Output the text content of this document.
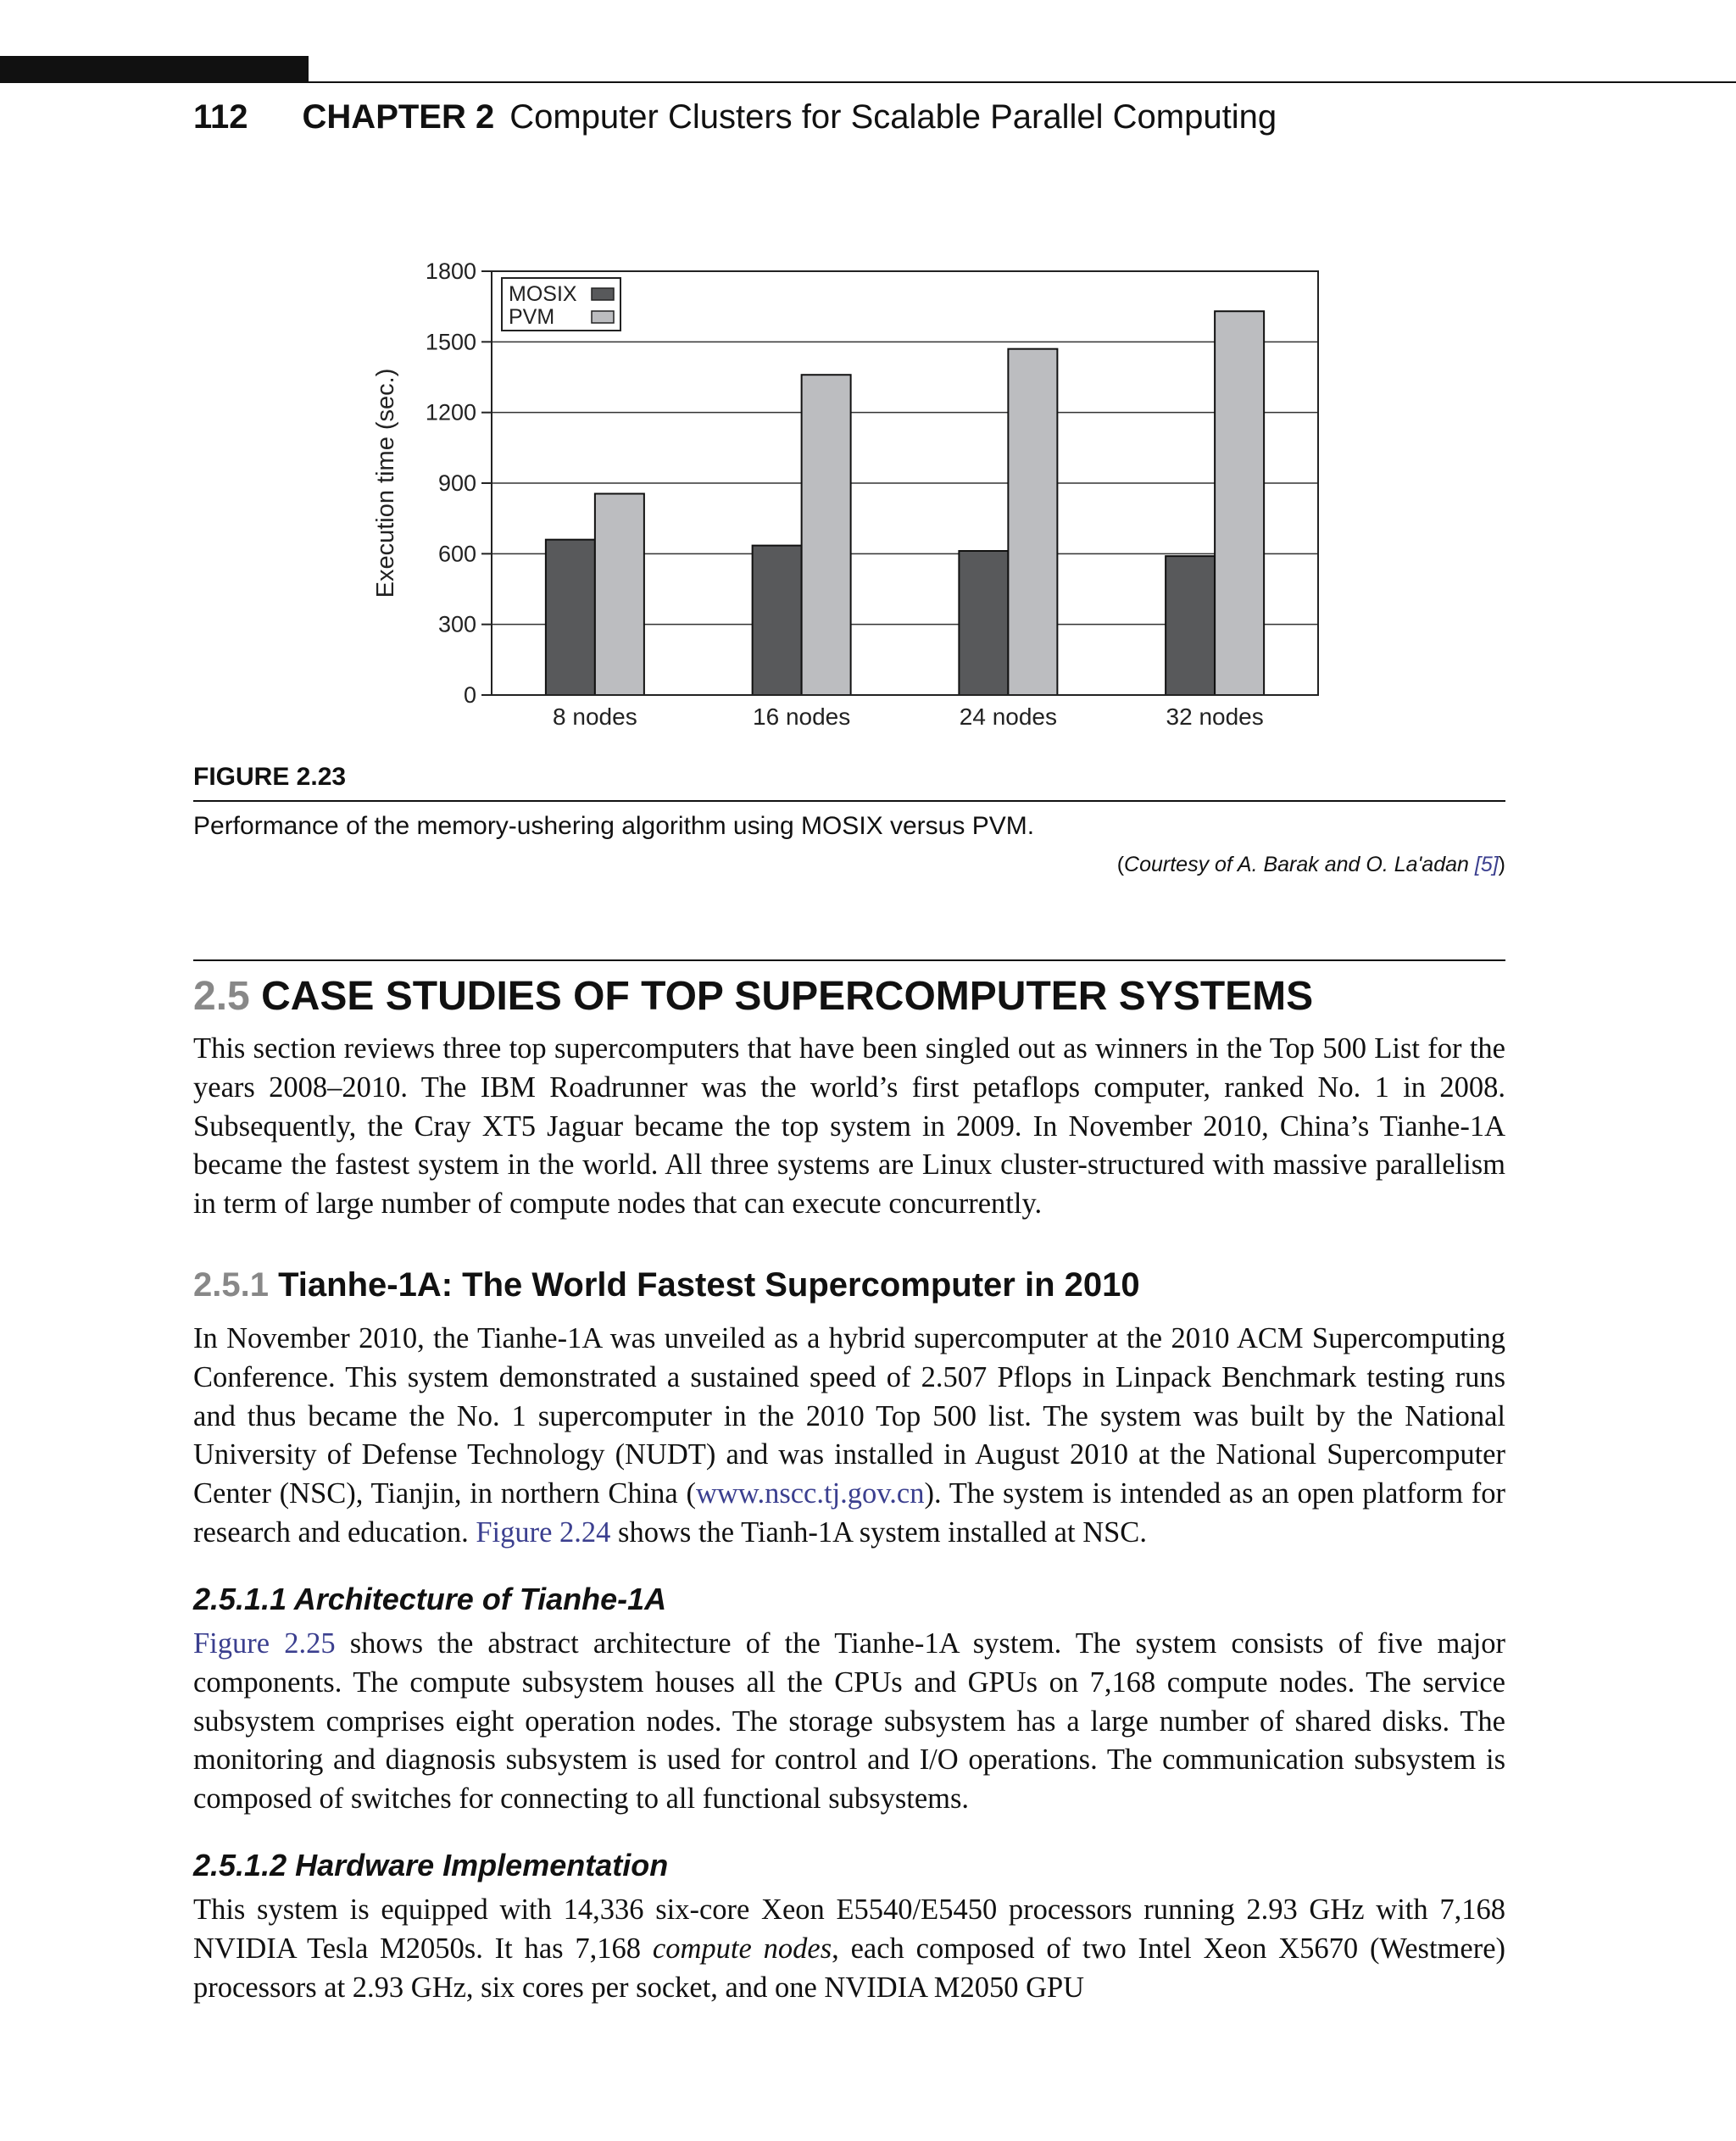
112 CHAPTER 2 Computer Clusters for Scalable Parallel Computing
0
300
600
900
1200
1500
1800
8 nodes	16 nodes	24 nodes	32 nodes
Execution time (sec.)
MOSIX
PVM
FIGURE 2.23
Performance of the memory-ushering algorithm using MOSIX versus PVM.
(Courtesy of A. Barak and O. La'adan [5])
2.5 CASE STUDIES OF TOP SUPERCOMPUTER SYSTEMS

This section reviews three top supercomputers that have been singled out as winners in the Top 500 List for the years 2008–2010. The IBM Roadrunner was the world’s first petaflops computer, ranked No. 1 in 2008. Subsequently, the Cray XT5 Jaguar became the top system in 2009. In November 2010, China’s Tianhe-1A became the fastest system in the world. All three systems are Linux cluster-structured with massive parallelism in term of large number of compute nodes that can execute concurrently.

2.5.1 Tianhe-1A: The World Fastest Supercomputer in 2010

In November 2010, the Tianhe-1A was unveiled as a hybrid supercomputer at the 2010 ACM Supercomputing Conference. This system demonstrated a sustained speed of 2.507 Pflops in Linpack Benchmark testing runs and thus became the No. 1 supercomputer in the 2010 Top 500 list. The system was built by the National University of Defense Technology (NUDT) and was installed in August 2010 at the National Supercomputer Center (NSC), Tianjin, in northern China (www.nscc.tj.gov.cn). The system is intended as an open platform for research and education. Figure 2.24 shows the Tianh-1A system installed at NSC.

2.5.1.1 Architecture of Tianhe-1A

Figure 2.25 shows the abstract architecture of the Tianhe-1A system. The system consists of five major components. The compute subsystem houses all the CPUs and GPUs on 7,168 compute nodes. The service subsystem comprises eight operation nodes. The storage subsystem has a large number of shared disks. The monitoring and diagnosis subsystem is used for control and I/O operations. The communication subsystem is composed of switches for connecting to all functional subsystems.

2.5.1.2 Hardware Implementation

This system is equipped with 14,336 six-core Xeon E5540/E5450 processors running 2.93 GHz with 7,168 NVIDIA Tesla M2050s. It has 7,168 compute nodes, each composed of two Intel Xeon X5670 (Westmere) processors at 2.93 GHz, six cores per socket, and one NVIDIA M2050 GPU
